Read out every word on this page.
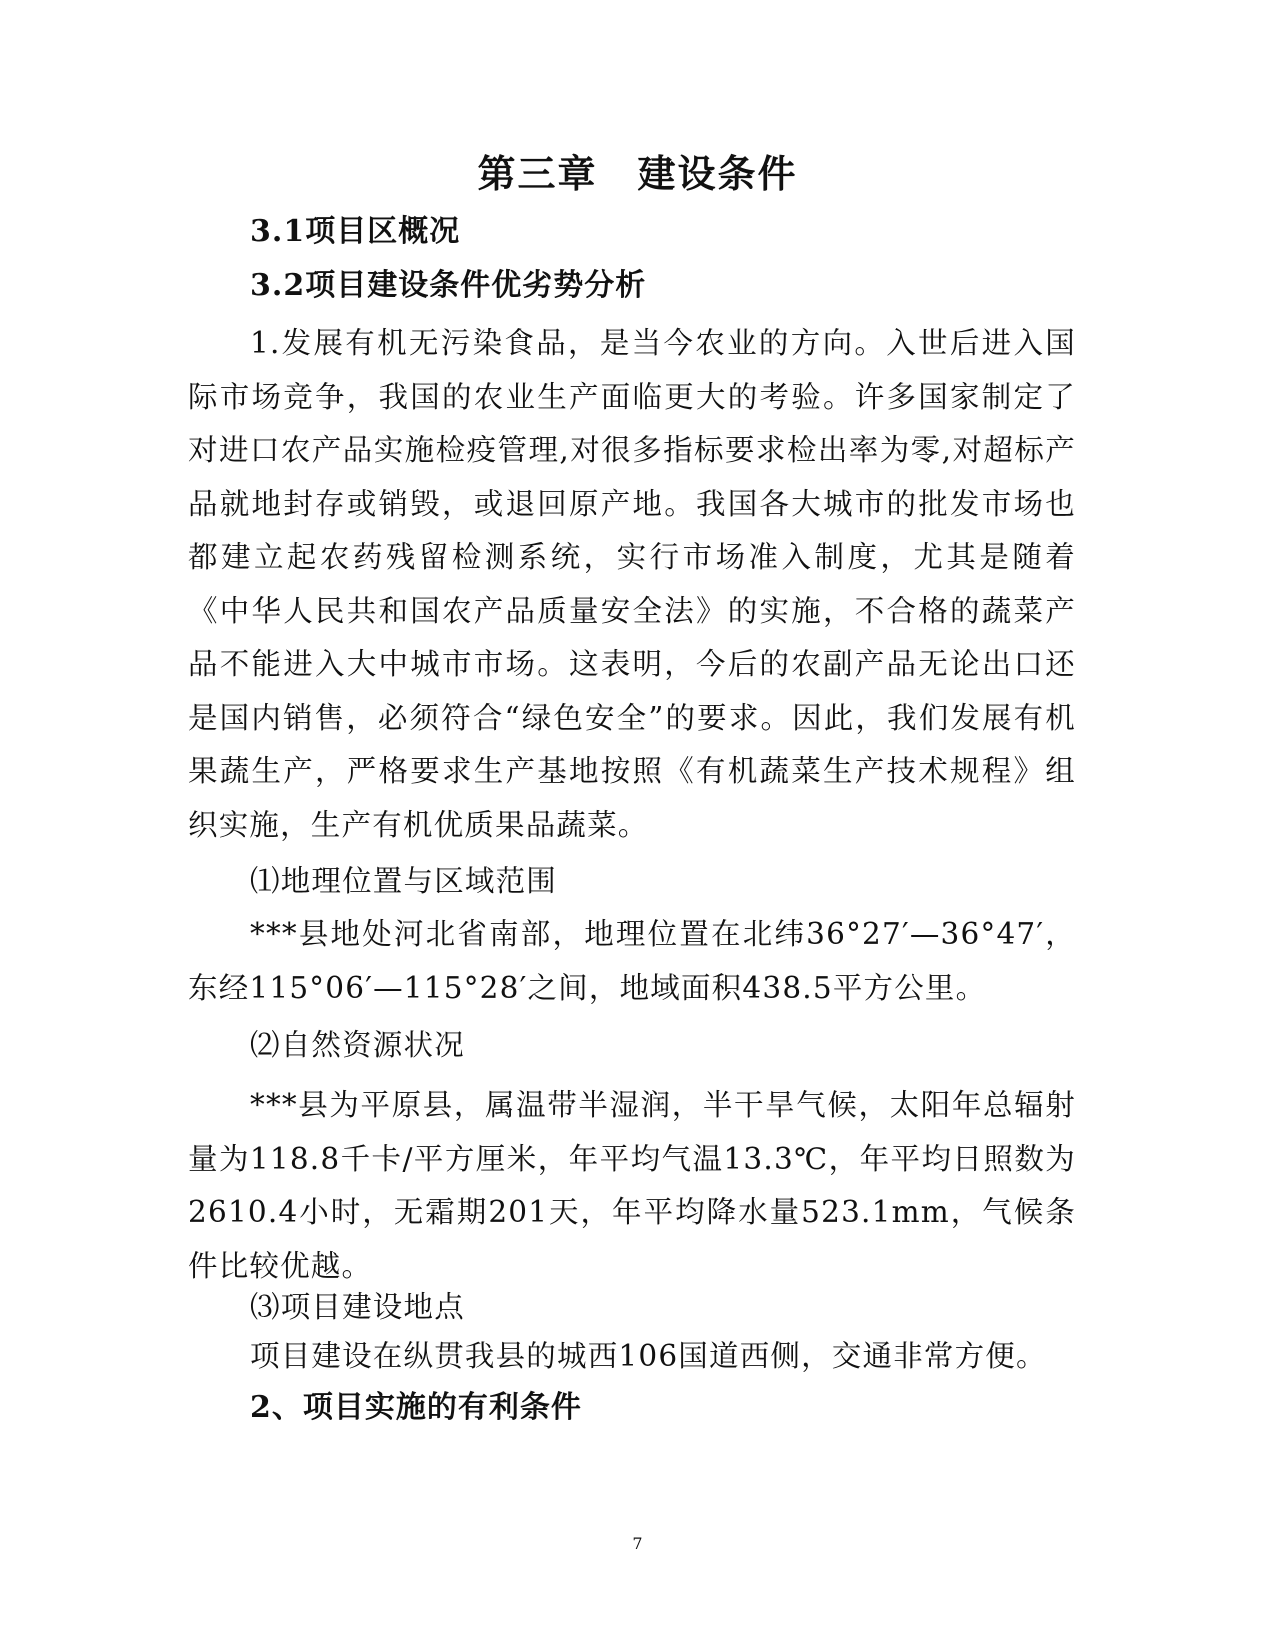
第三章 建设条件
3.1项目区概况
3.2项目建设条件优劣势分析

1.发展有机无污染食品，是当今农业的方向。入世后进入国际市场竞争，我国的农业生产面临更大的考验。许多国家制定了对进口农产品实施检疫管理,对很多指标要求检出率为零,对超标产品就地封存或销毁，或退回原产地。我国各大城市的批发市场也都建立起农药残留检测系统，实行市场准入制度，尤其是随着《中华人民共和国农产品质量安全法》的实施，不合格的蔬菜产品不能进入大中城市市场。这表明，今后的农副产品无论出口还是国内销售，必须符合“绿色安全”的要求。因此，我们发展有机果蔬生产，严格要求生产基地按照《有机蔬菜生产技术规程》组织实施，生产有机优质果品蔬菜。

⑴地理位置与区域范围

***县地处河北省南部，地理位置在北纬36°27′—36°47′，东经115°06′—115°28′之间，地域面积438.5平方公里。

⑵自然资源状况

***县为平原县，属温带半湿润，半干旱气候，太阳年总辐射量为118.8千卡/平方厘米，年平均气温13.3℃，年平均日照数为2610.4小时，无霜期201天，年平均降水量523.1mm，气候条件比较优越。

⑶项目建设地点

项目建设在纵贯我县的城西106国道西侧，交通非常方便。

2、项目实施的有利条件
7
